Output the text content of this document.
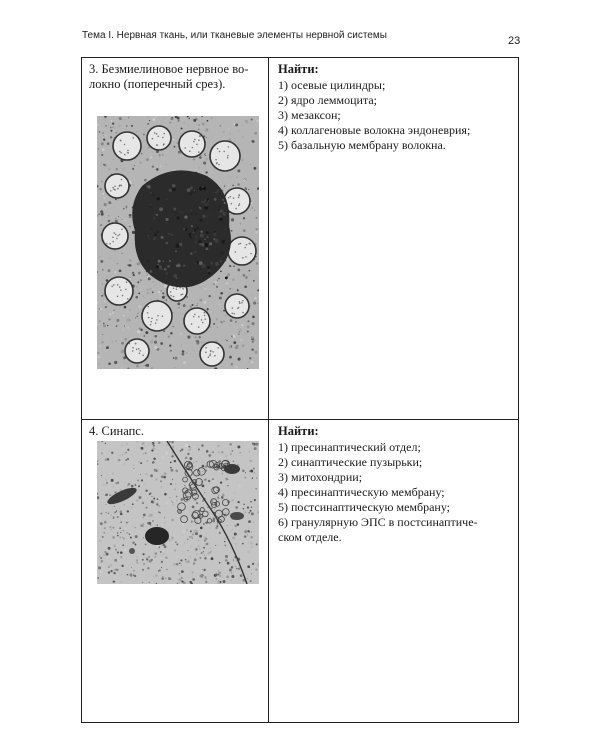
Тема I. Нервная ткань, или тканевые элементы нервной системы	23
3. Безмиелиновое нервное во-
локно (поперечный срез).
Найти:
1) осевые цилиндры;
2) ядро леммоцита;
3) мезаксон;
4) коллагеновые волокна эндоневрия;
5) базальную мембрану волокна.
4. Синапс.	Найти:
1) пресинаптический отдел;
2) синаптические пузырьки;
3) митохондрии;
4) пресинаптическую мембрану;
5) постсинаптическую мембрану;
6) гранулярную ЭПС в постсинаптиче-
ском отделе.
